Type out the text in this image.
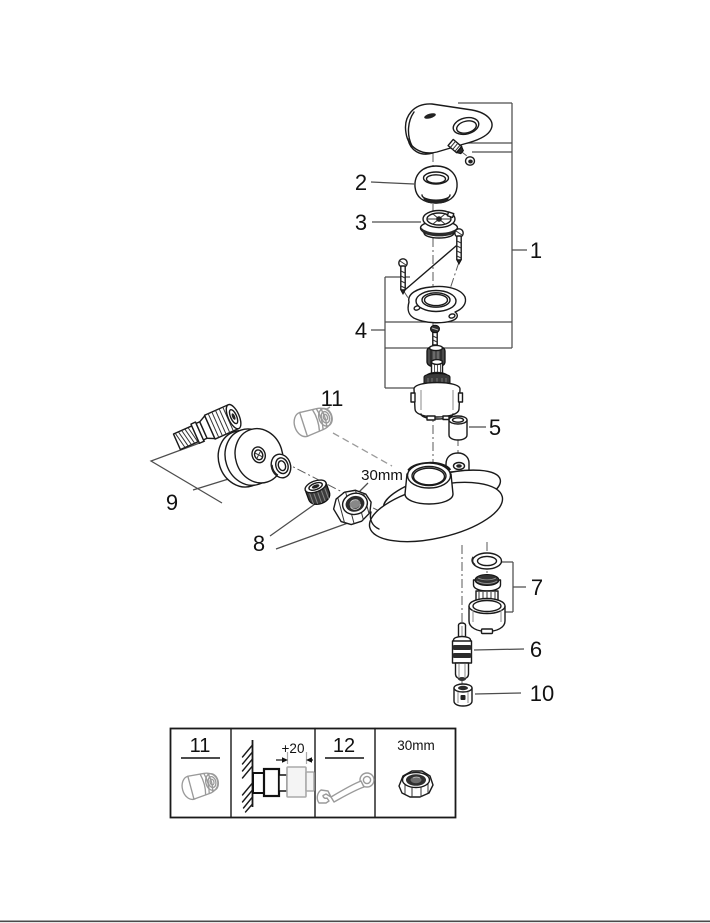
1
2
3
4
5
6
7
8
9
10
11
30mm
11	+20 12	30mm
